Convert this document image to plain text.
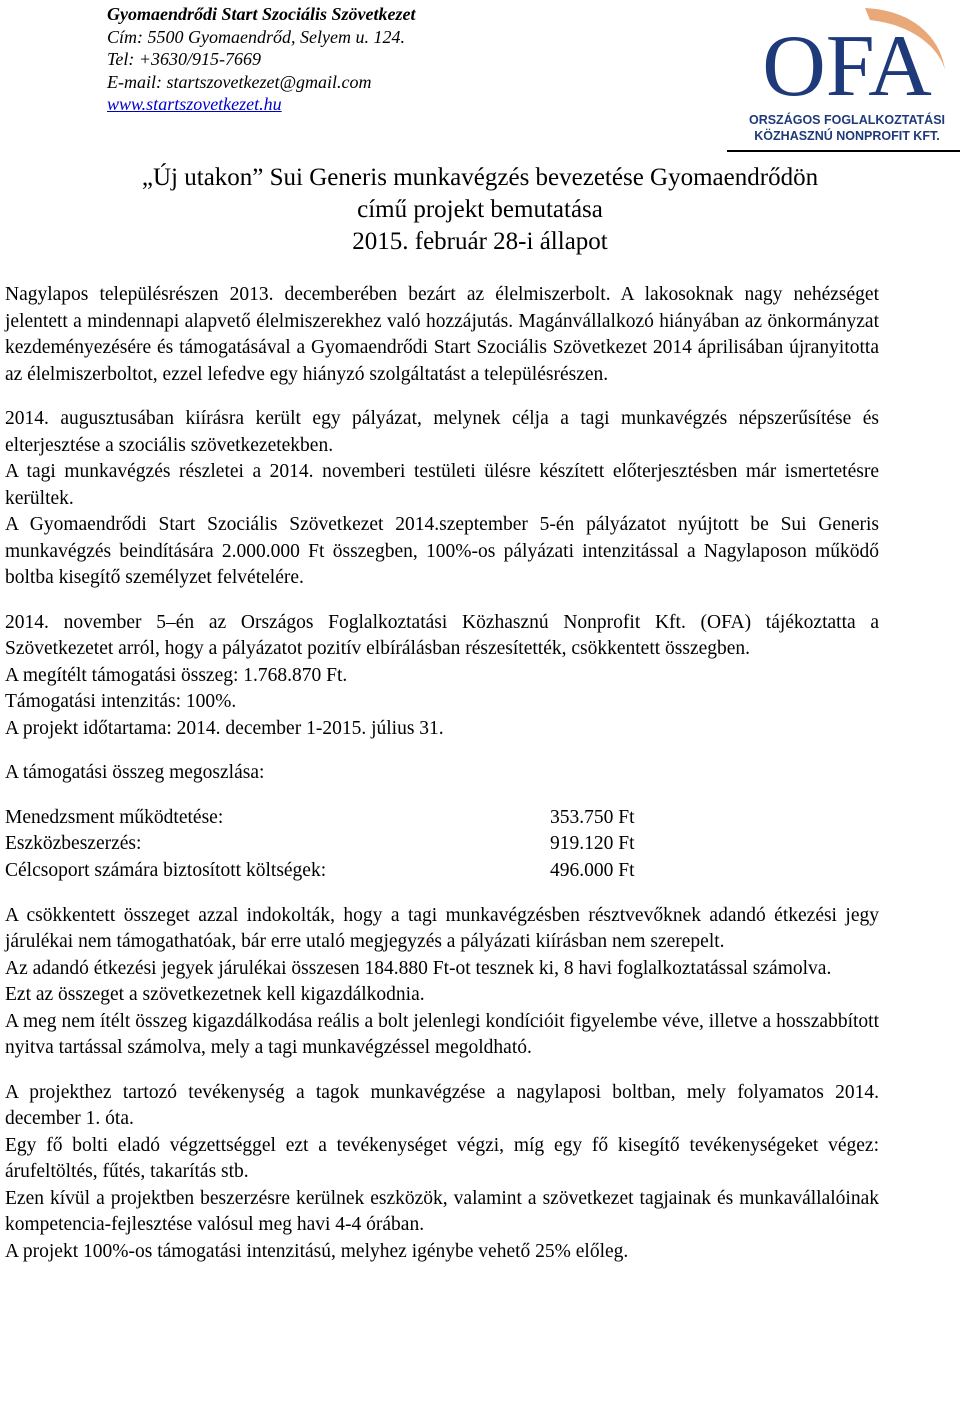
Gyomaendrődi Start Szociális Szövetkezet
Cím: 5500 Gyomaendrőd, Selyem u. 124.
Tel: +3630/915-7669
E-mail: startszovetkezet@gmail.com
www.startszovetkezet.hu	OFA
ORSZÁGOS FOGLALKOZTATÁSI
KÖZHASZNÚ NONPROFIT KFT.
„Új utakon” Sui Generis munkavégzés bevezetése Gyomaendrődön
című projekt bemutatása
2015. február 28-i állapot

Nagylapos településrészen 2013. decemberében bezárt az élelmiszerbolt. A lakosoknak nagy nehézséget jelentett a mindennapi alapvető élelmiszerekhez való hozzájutás. Magánvállalkozó hiányában az önkormányzat kezdeményezésére és támogatásával a Gyomaendrődi Start Szociális Szövetkezet 2014 áprilisában újranyitotta az élelmiszerboltot, ezzel lefedve egy hiányzó szolgáltatást a településrészen.

2014. augusztusában kiírásra került egy pályázat, melynek célja a tagi munkavégzés népszerűsítése és elterjesztése a szociális szövetkezetekben.

A tagi munkavégzés részletei a 2014. novemberi testületi ülésre készített előterjesztésben már ismertetésre kerültek.

A Gyomaendrődi Start Szociális Szövetkezet 2014.szeptember 5-én pályázatot nyújtott be Sui Generis munkavégzés beindítására 2.000.000 Ft összegben, 100%-os pályázati intenzitással a Nagylaposon működő boltba kisegítő személyzet felvételére.

2014. november 5–én az Országos Foglalkoztatási Közhasznú Nonprofit Kft. (OFA) tájékoztatta a Szövetkezetet arról, hogy a pályázatot pozitív elbírálásban részesítették, csökkentett összegben.

A megítélt támogatási összeg: 1.768.870 Ft.

Támogatási intenzitás: 100%.

A projekt időtartama: 2014. december 1-2015. július 31.

A támogatási összeg megoszlása:

Menedzsment működtetése:	353.750 Ft
Eszközbeszerzés:	919.120 Ft
Célcsoport számára biztosított költségek:	496.000 Ft

A csökkentett összeget azzal indokolták, hogy a tagi munkavégzésben résztvevőknek adandó étkezési jegy járulékai nem támogathatóak, bár erre utaló megjegyzés a pályázati kiírásban nem szerepelt.

Az adandó étkezési jegyek járulékai összesen 184.880 Ft-ot tesznek ki, 8 havi foglalkoztatással számolva.

Ezt az összeget a szövetkezetnek kell kigazdálkodnia.

A meg nem ítélt összeg kigazdálkodása reális a bolt jelenlegi kondícióit figyelembe véve, illetve a hosszabbított nyitva tartással számolva, mely a tagi munkavégzéssel megoldható.

A projekthez tartozó tevékenység a tagok munkavégzése a nagylaposi boltban, mely folyamatos 2014. december 1. óta.

Egy fő bolti eladó végzettséggel ezt a tevékenységet végzi, míg egy fő kisegítő tevékenységeket végez: árufeltöltés, fűtés, takarítás stb.

Ezen kívül a projektben beszerzésre kerülnek eszközök, valamint a szövetkezet tagjainak és munkavállalóinak kompetencia-fejlesztése valósul meg havi 4-4 órában.

A projekt 100%-os támogatási intenzitású, melyhez igénybe vehető 25% előleg.
